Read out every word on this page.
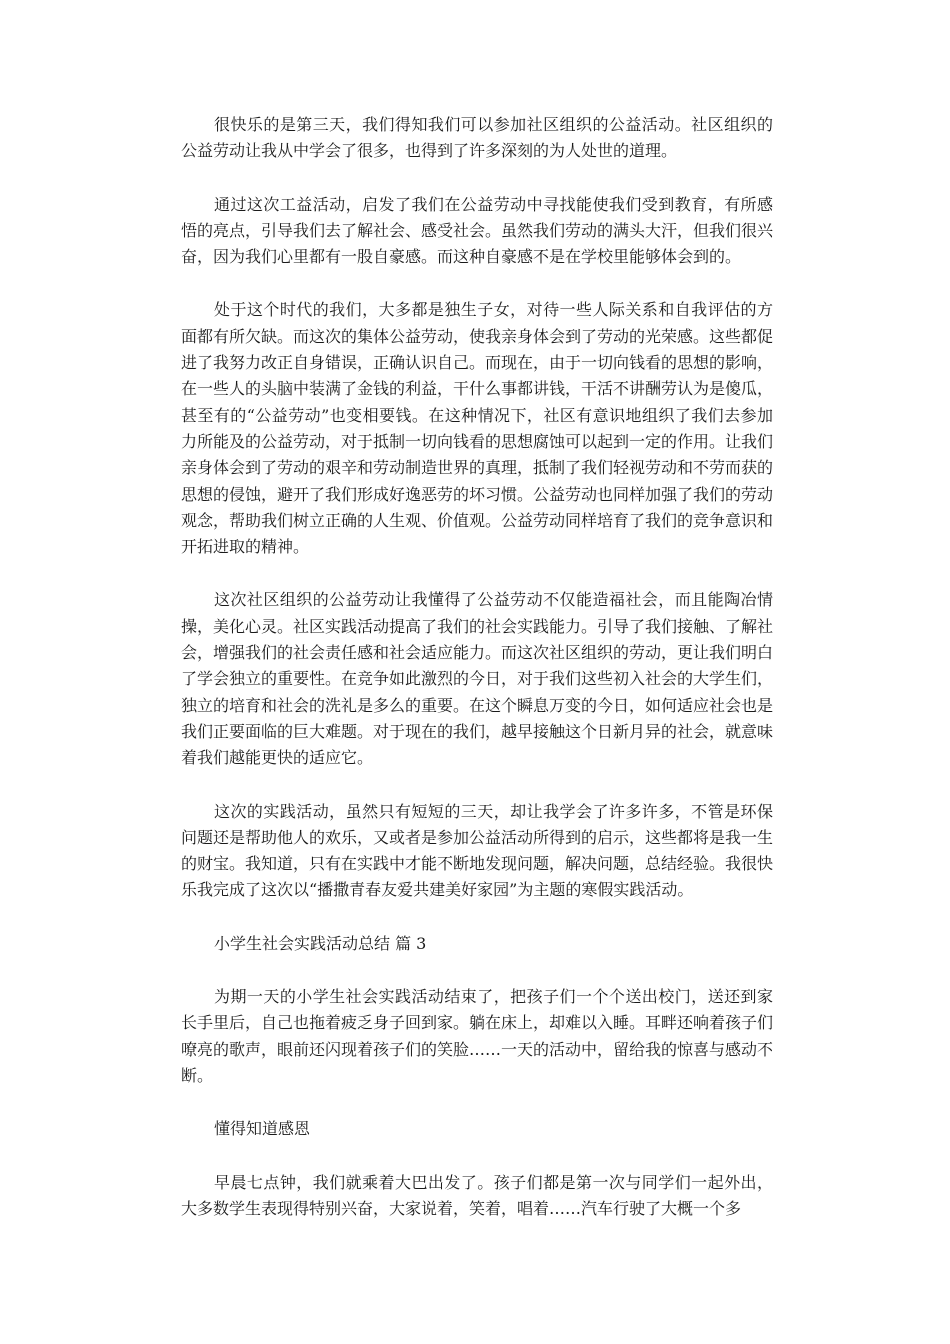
很快乐的是第三天，我们得知我们可以参加社区组织的公益活动。社区组织的公益劳动让我从中学会了很多，也得到了许多深刻的为人处世的道理。

通过这次工益活动，启发了我们在公益劳动中寻找能使我们受到教育，有所感悟的亮点，引导我们去了解社会、感受社会。虽然我们劳动的满头大汗，但我们很兴奋，因为我们心里都有一股自豪感。而这种自豪感不是在学校里能够体会到的。

处于这个时代的我们，大多都是独生子女，对待一些人际关系和自我评估的方面都有所欠缺。而这次的集体公益劳动，使我亲身体会到了劳动的光荣感。这些都促进了我努力改正自身错误，正确认识自己。而现在，由于一切向钱看的思想的影响，在一些人的头脑中装满了金钱的利益，干什么事都讲钱，干活不讲酬劳认为是傻瓜，甚至有的“公益劳动”也变相要钱。在这种情况下，社区有意识地组织了我们去参加力所能及的公益劳动，对于抵制一切向钱看的思想腐蚀可以起到一定的作用。让我们亲身体会到了劳动的艰辛和劳动制造世界的真理，抵制了我们轻视劳动和不劳而获的思想的侵蚀，避开了我们形成好逸恶劳的坏习惯。公益劳动也同样加强了我们的劳动观念，帮助我们树立正确的人生观、价值观。公益劳动同样培育了我们的竞争意识和开拓进取的精神。

这次社区组织的公益劳动让我懂得了公益劳动不仅能造福社会，而且能陶冶情操，美化心灵。社区实践活动提高了我们的社会实践能力。引导了我们接触、了解社会，增强我们的社会责任感和社会适应能力。而这次社区组织的劳动，更让我们明白了学会独立的重要性。在竞争如此激烈的今日，对于我们这些初入社会的大学生们，独立的培育和社会的洗礼是多么的重要。在这个瞬息万变的今日，如何适应社会也是我们正要面临的巨大难题。对于现在的我们，越早接触这个日新月异的社会，就意味着我们越能更快的适应它。

这次的实践活动，虽然只有短短的三天，却让我学会了许多许多，不管是环保问题还是帮助他人的欢乐，又或者是参加公益活动所得到的启示，这些都将是我一生的财宝。我知道，只有在实践中才能不断地发现问题，解决问题，总结经验。我很快乐我完成了这次以“播撒青春友爱共建美好家园”为主题的寒假实践活动。

小学生社会实践活动总结 篇 3

为期一天的小学生社会实践活动结束了，把孩子们一个个送出校门，送还到家长手里后，自己也拖着疲乏身子回到家。躺在床上，却难以入睡。耳畔还响着孩子们嘹亮的歌声，眼前还闪现着孩子们的笑脸……一天的活动中，留给我的惊喜与感动不断。

懂得知道感恩

早晨七点钟，我们就乘着大巴出发了。孩子们都是第一次与同学们一起外出，大多数学生表现得特别兴奋，大家说着，笑着，唱着……汽车行驶了大概一个多
